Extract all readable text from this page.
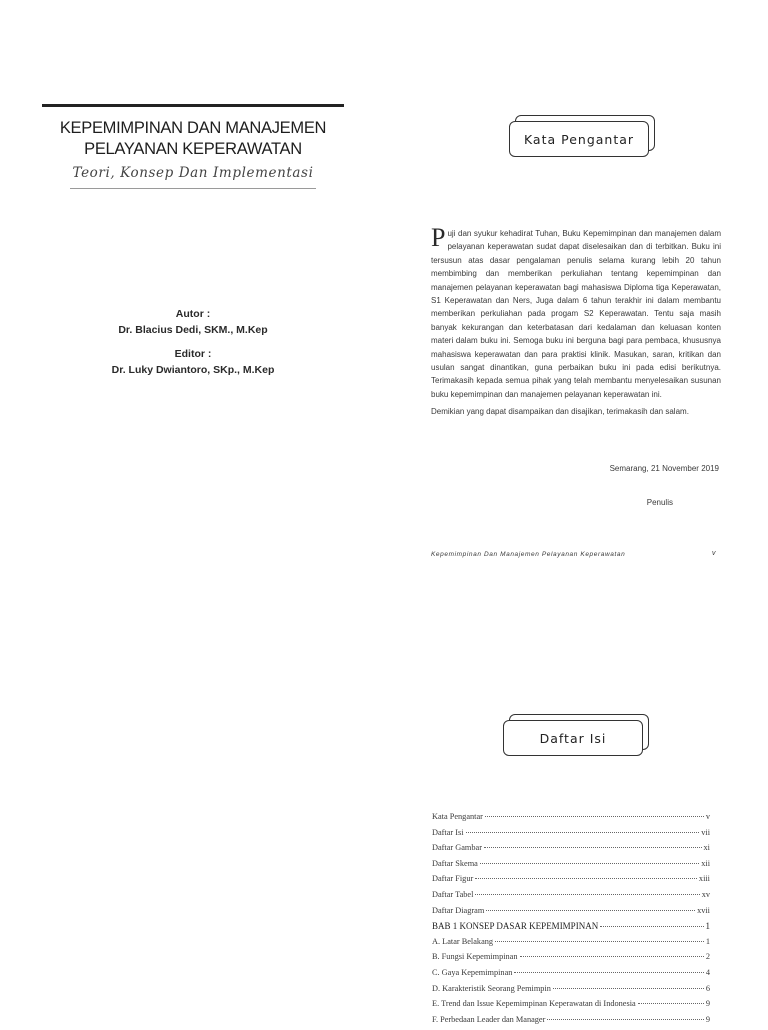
KEPEMIMPINAN DAN MANAJEMEN
PELAYANAN KEPERAWATAN
Teori, Konsep Dan Implementasi
Autor :
Dr. Blacius Dedi, SKM., M.Kep
Editor :
Dr. Luky Dwiantoro, SKp., M.Kep
Kata Pengantar

Puji dan syukur kehadirat Tuhan, Buku Kepemimpinan dan manajemen dalam pelayanan keperawatan sudat dapat diselesaikan dan di terbitkan. Buku ini tersusun atas dasar pengalaman penulis selama kurang lebih 20 tahun membimbing dan memberikan perkuliahan tentang kepemimpinan dan manajemen pelayanan keperawatan bagi mahasiswa Diploma tiga Keperawatan, S1 Keperawatan dan Ners, Juga dalam 6 tahun terakhir ini dalam membantu memberikan perkuliahan pada progam S2 Keperawatan. Tentu saja masih banyak kekurangan dan keterbatasan dari kedalaman dan keluasan konten materi dalam buku ini. Semoga buku ini berguna bagi para pembaca, khususnya mahasiswa keperawatan dan para praktisi klinik. Masukan, saran, kritikan dan usulan sangat dinantikan, guna perbaikan buku ini pada edisi berikutnya. Terimakasih kepada semua pihak yang telah membantu menyelesaikan susunan buku kepemimpinan dan manajemen pelayanan keperawatan ini.

Demikian yang dapat disampaikan dan disajikan, terimakasih dan salam.

Semarang, 21 November 2019
Penulis
Kepemimpinan Dan Manajemen Pelayanan Keperawatan	v
Daftar Isi
Kata Pengantar	v
Daftar Isi	vii
Daftar Gambar	xi
Daftar Skema	xii
Daftar Figur	xiii
Daftar Tabel	xv
Daftar Diagram	xvii
BAB 1 KONSEP DASAR KEPEMIMPINAN	1
A. Latar Belakang	1
B. Fungsi Kepemimpinan	2
C. Gaya Kepemimpinan	4
D. Karakteristik Seorang Pemimpin	6
E. Trend dan Issue Kepemimpinan Keperawatan di Indonesia	9
F. Perbedaan Leader dan Manager	9
